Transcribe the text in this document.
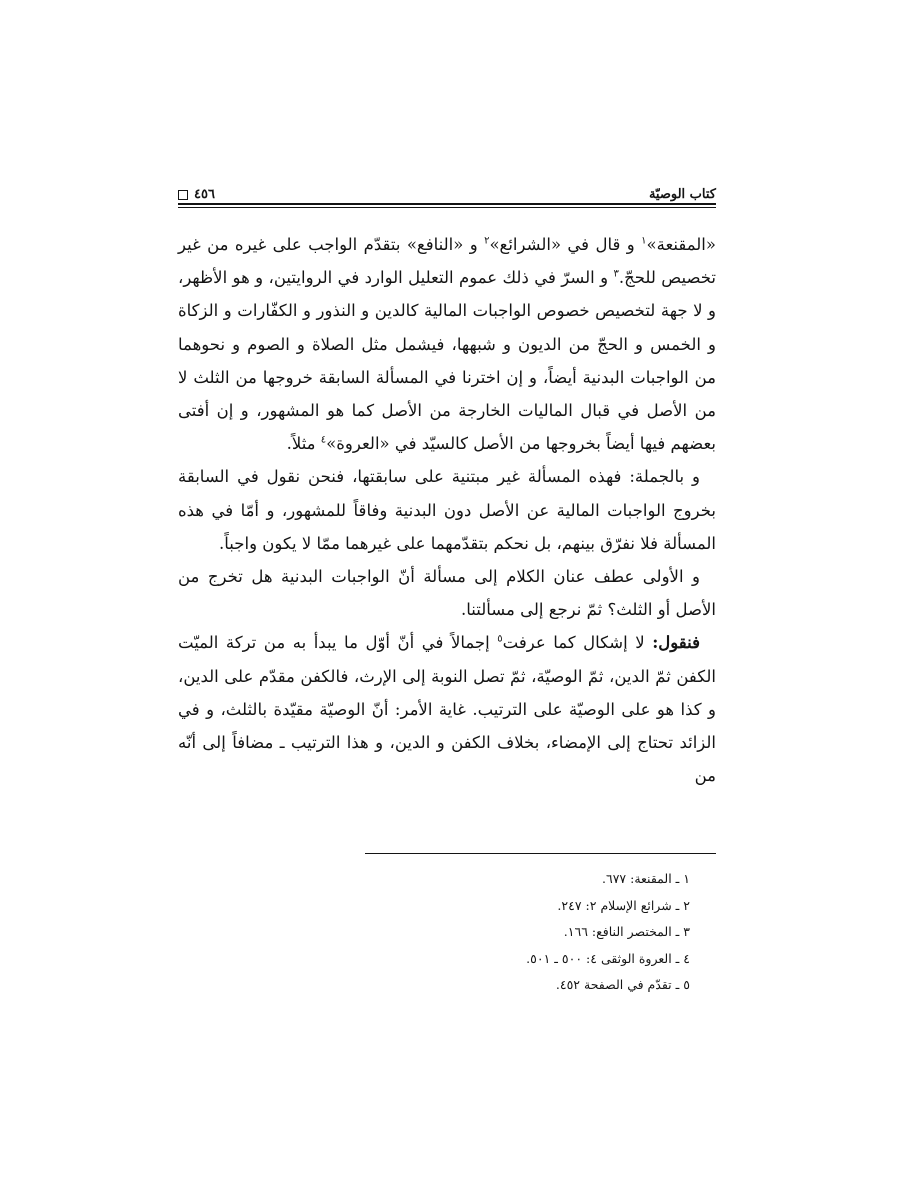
٤٥٦	كتاب الوصيّة

«المقنعة»$^١$ و قال في «الشرائع»$^٢$ و «النافع» بتقدّم الواجب على غيره من غير تخصيص للحجّ.$^٣$ و السرّ في ذلك عموم التعليل الوارد في الروايتين، و هو الأظهر، و لا جهة لتخصيص خصوص الواجبات المالية كالدين و النذور و الكفّارات و الزكاة و الخمس و الحجّ من الديون و شبهها، فيشمل مثل الصلاة و الصوم و نحوهما من الواجبات البدنية أيضاً، و إن اخترنا في المسألة السابقة خروجها من الثلث لا من الأصل في قبال الماليات الخارجة من الأصل كما هو المشهور، و إن أفتى بعضهم فيها أيضاً بخروجها من الأصل كالسيّد في «العروة»$^٤$ مثلاً.

و بالجملة: فهذه المسألة غير مبتنية على سابقتها، فنحن نقول في السابقة بخروج الواجبات المالية عن الأصل دون البدنية وفاقاً للمشهور، و أمّا في هذه المسألة فلا نفرّق بينهم، بل نحكم بتقدّمهما على غيرهما ممّا لا يكون واجباً.

و الأولى عطف عنان الكلام إلى مسألة أنّ الواجبات البدنية هل تخرج من الأصل أو الثلث؟ ثمّ نرجع إلى مسألتنا.

فنقول: لا إشكال كما عرفت$^٥$ إجمالاً في أنّ أوّل ما يبدأ به من تركة الميّت الكفن ثمّ الدين، ثمّ الوصيّة، ثمّ تصل النوبة إلى الإرث، فالكفن مقدّم على الدين، و كذا هو على الوصيّة على الترتيب. غاية الأمر: أنّ الوصيّة مقيّدة بالثلث، و في الزائد تحتاج إلى الإمضاء، بخلاف الكفن و الدين، و هذا الترتيب ـ مضافاً إلى أنّه من

١ ـ المقنعة: ٦٧٧.
٢ ـ شرائع الإسلام ٢: ٢٤٧.
٣ ـ المختصر النافع: ١٦٦.
٤ ـ العروة الوثقى ٤: ٥٠٠ ـ ٥٠١.
٥ ـ تقدّم في الصفحة ٤٥٢.
